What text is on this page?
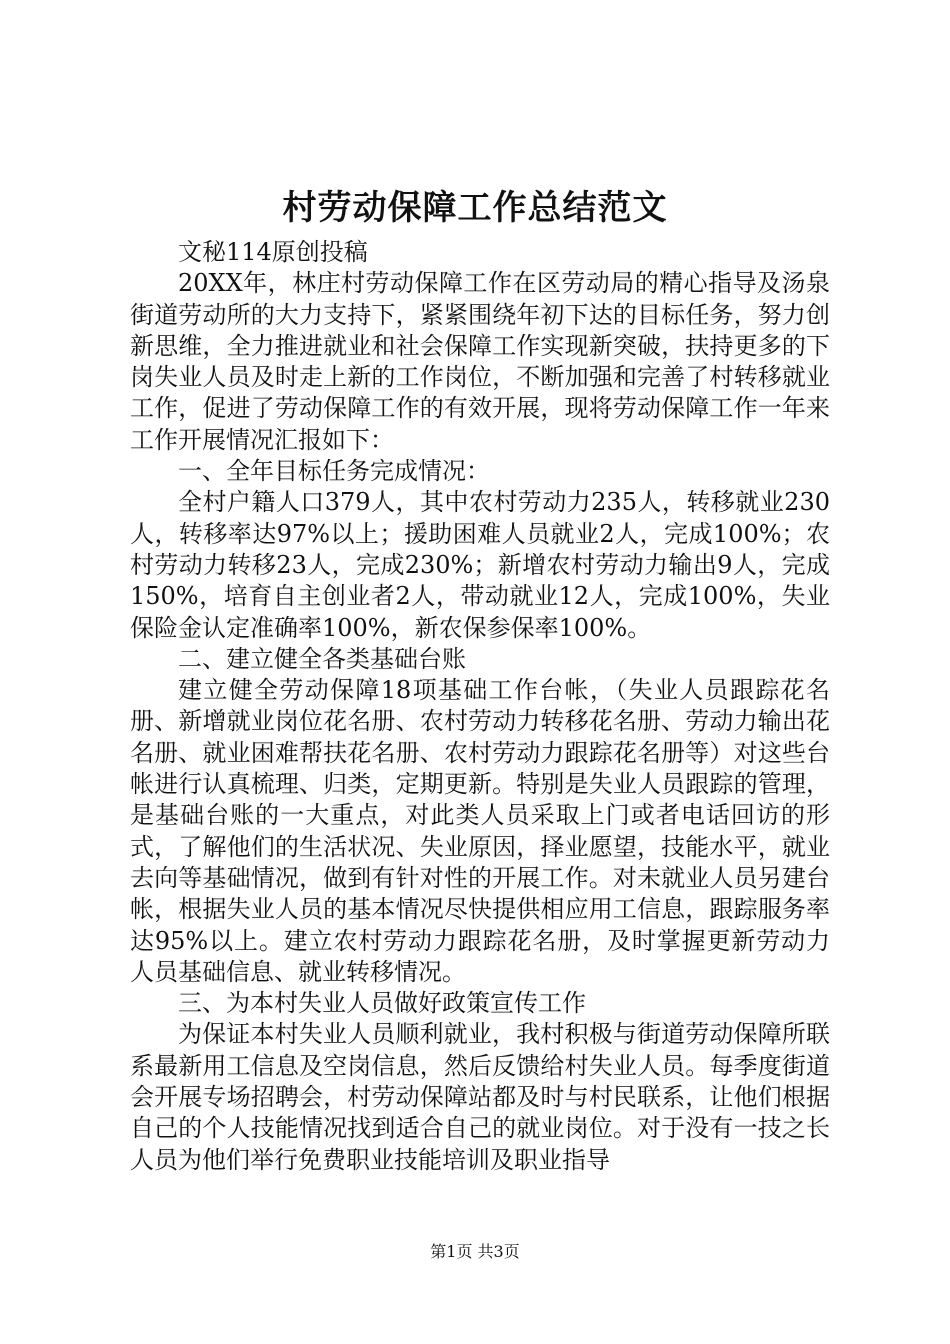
村劳动保障工作总结范文

文秘114原创投稿

20XX年，林庄村劳动保障工作在区劳动局的精心指导及汤泉街道劳动所的大力支持下，紧紧围绕年初下达的目标任务，努力创新思维，全力推进就业和社会保障工作实现新突破，扶持更多的下岗失业人员及时走上新的工作岗位，不断加强和完善了村转移就业工作，促进了劳动保障工作的有效开展，现将劳动保障工作一年来工作开展情况汇报如下：

一、全年目标任务完成情况：

全村户籍人口379人，其中农村劳动力235人，转移就业230人，转移率达97%以上；援助困难人员就业2人，完成100%；农村劳动力转移23人，完成230%；新增农村劳动力输出9人，完成150%，培育自主创业者2人，带动就业12人，完成100%，失业保险金认定准确率100%，新农保参保率100%。

二、建立健全各类基础台账

建立健全劳动保障18项基础工作台帐，（失业人员跟踪花名册、新增就业岗位花名册、农村劳动力转移花名册、劳动力输出花名册、就业困难帮扶花名册、农村劳动力跟踪花名册等）对这些台帐进行认真梳理、归类，定期更新。特别是失业人员跟踪的管理，是基础台账的一大重点，对此类人员采取上门或者电话回访的形式，了解他们的生活状况、失业原因，择业愿望，技能水平，就业去向等基础情况，做到有针对性的开展工作。对未就业人员另建台帐，根据失业人员的基本情况尽快提供相应用工信息，跟踪服务率达95%以上。建立农村劳动力跟踪花名册，及时掌握更新劳动力人员基础信息、就业转移情况。

三、为本村失业人员做好政策宣传工作

为保证本村失业人员顺利就业，我村积极与街道劳动保障所联系最新用工信息及空岗信息，然后反馈给村失业人员。每季度街道会开展专场招聘会，村劳动保障站都及时与村民联系，让他们根据自己的个人技能情况找到适合自己的就业岗位。对于没有一技之长人员为他们举行免费职业技能培训及职业指导

第1页 共3页
